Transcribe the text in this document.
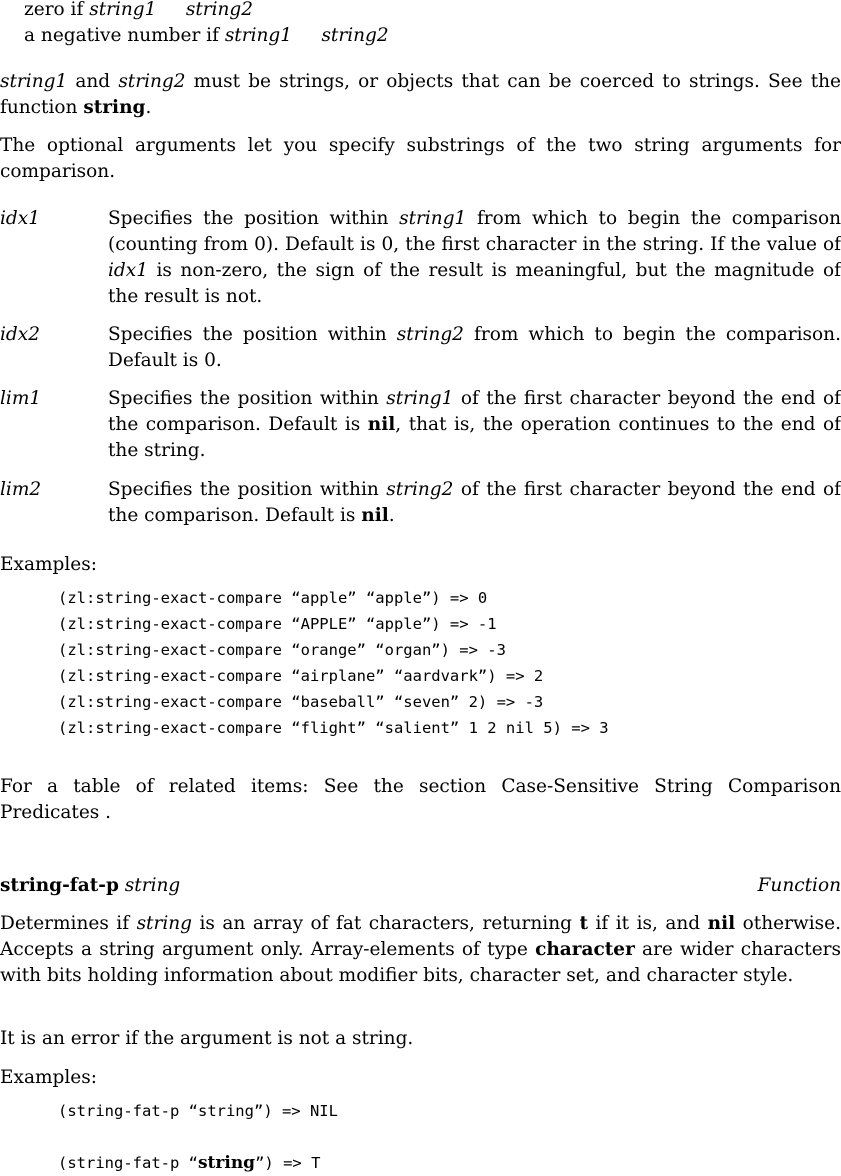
zero if string1 string2
a negative number if string1 string2

string1 and string2 must be strings, or objects that can be coerced to strings. See the function string.

The optional arguments let you specify substrings of the two string arguments for comparison.

idx1	Specifies the position within string1 from which to begin the comparison (counting from 0). Default is 0, the first character in the string. If the value of idx1 is non-zero, the sign of the result is meaningful, but the magnitude of the result is not.
idx2	Specifies the position within string2 from which to begin the comparison. Default is 0.
lim1	Specifies the position within string1 of the first character beyond the end of the comparison. Default is nil, that is, the operation continues to the end of the string.
lim2	Specifies the position within string2 of the first character beyond the end of the comparison. Default is nil.
Examples:
(zl:string-exact-compare “apple” “apple”) => 0
(zl:string-exact-compare “APPLE” “apple”) => -1
(zl:string-exact-compare “orange” “organ”) => -3
(zl:string-exact-compare “airplane” “aardvark”) => 2
(zl:string-exact-compare “baseball” “seven” 2) => -3
(zl:string-exact-compare “flight” “salient” 1 2 nil 5) => 3

For a table of related items: See the section Case-Sensitive String Comparison Predicates .

string-fat-p string	Function

Determines if string is an array of fat characters, returning t if it is, and nil otherwise. Accepts a string argument only. Array-elements of type character are wider characters with bits holding information about modifier bits, character set, and character style.

It is an error if the argument is not a string.

Examples:
(string-fat-p “string”) => NIL
(string-fat-p “string”) => T
